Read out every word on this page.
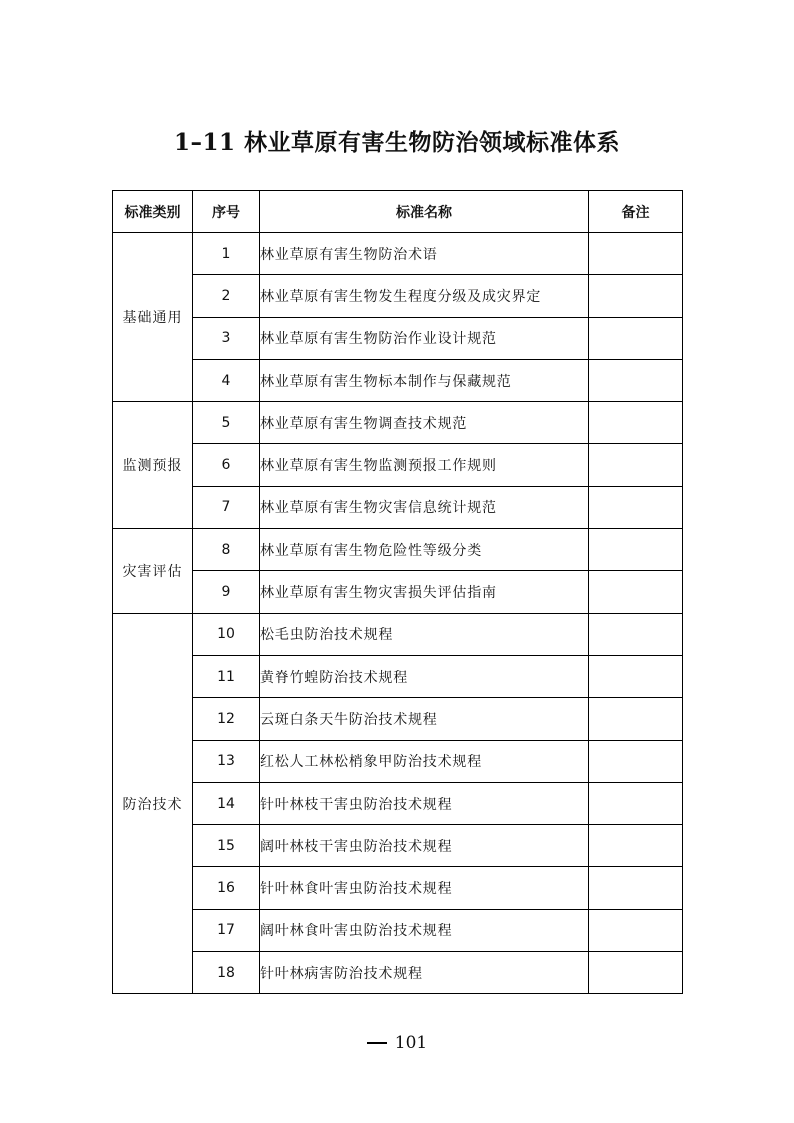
1–11 林业草原有害生物防治领域标准体系
标准类别	序号	标准名称	备注
基础通用	1	林业草原有害生物防治术语	
	2	林业草原有害生物发生程度分级及成灾界定	
	3	林业草原有害生物防治作业设计规范	
	4	林业草原有害生物标本制作与保藏规范	
监测预报	5	林业草原有害生物调查技术规范	
	6	林业草原有害生物监测预报工作规则	
	7	林业草原有害生物灾害信息统计规范	
灾害评估	8	林业草原有害生物危险性等级分类	
	9	林业草原有害生物灾害损失评估指南	
防治技术	10	松毛虫防治技术规程	
	11	黄脊竹蝗防治技术规程	
	12	云斑白条天牛防治技术规程	
	13	红松人工林松梢象甲防治技术规程	
	14	针叶林枝干害虫防治技术规程	
	15	阔叶林枝干害虫防治技术规程	
	16	针叶林食叶害虫防治技术规程	
	17	阔叶林食叶害虫防治技术规程	
	18	针叶林病害防治技术规程	
101
